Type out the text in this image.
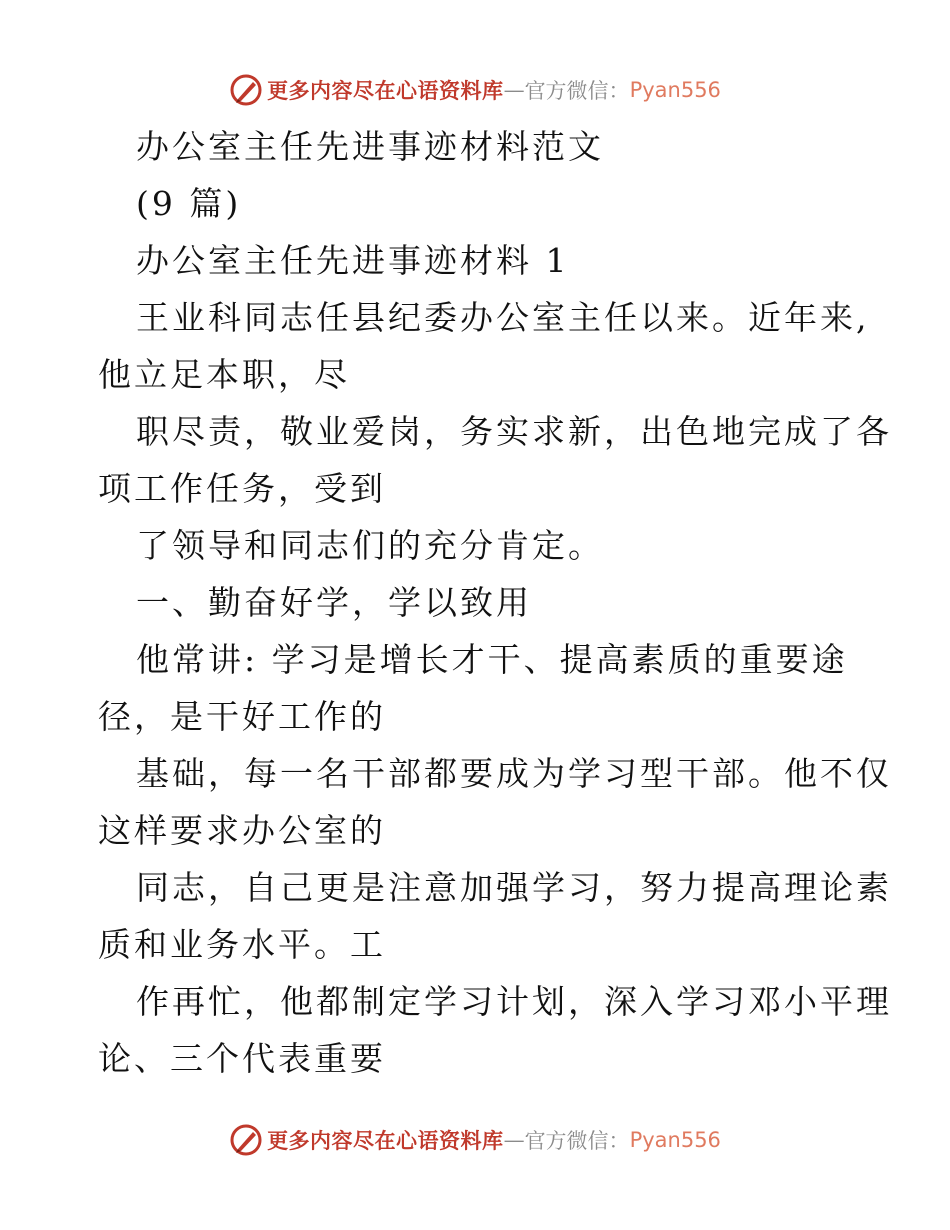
更多内容尽在心语资料库 — 官方微信： Pyan556
办公室主任先进事迹材料范文
(9 篇)
办公室主任先进事迹材料 1
王业科同志任县纪委办公室主任以来。近年来,
他立足本职，尽
职尽责，敬业爱岗，务实求新，出色地完成了各
项工作任务，受到
了领导和同志们的充分肯定。
一、勤奋好学，学以致用
他常讲: 学习是增长才干、提高素质的重要途
径，是干好工作的
基础，每一名干部都要成为学习型干部。他不仅
这样要求办公室的
同志，自己更是注意加强学习，努力提高理论素
质和业务水平。工
作再忙，他都制定学习计划，深入学习邓小平理
论、三个代表重要
更多内容尽在心语资料库 — 官方微信： Pyan556
